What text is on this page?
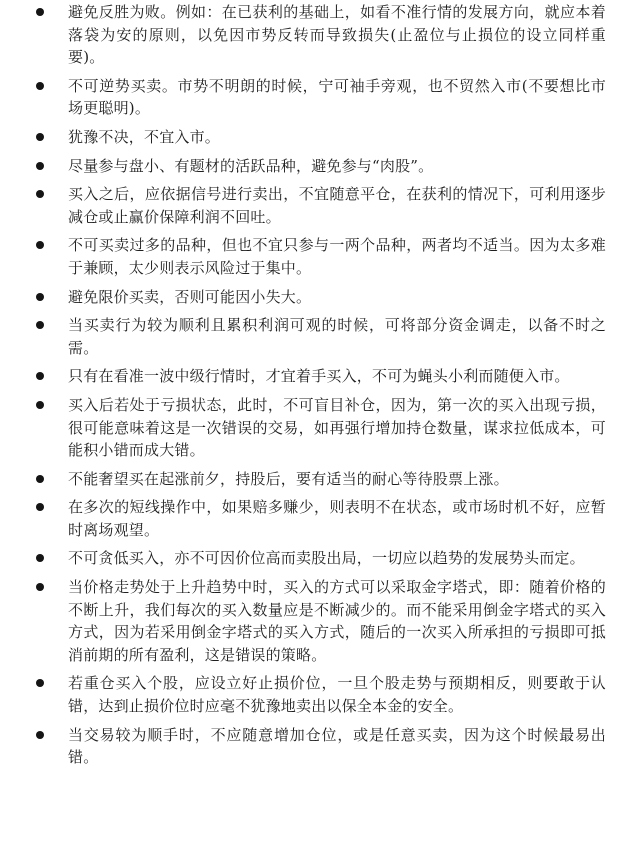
避免反胜为败。例如：在已获利的基础上，如看不准行情的发展方向，就应本着落袋为安的原则，以免因市势反转而导致损失(止盈位与止损位的设立同样重要)。
不可逆势买卖。市势不明朗的时候，宁可袖手旁观，也不贸然入市(不要想比市场更聪明)。
犹豫不决，不宜入市。
尽量参与盘小、有题材的活跃品种，避免参与“肉股”。
买入之后，应依据信号进行卖出，不宜随意平仓，在获利的情况下，可利用逐步减仓或止赢价保障利润不回吐。
不可买卖过多的品种，但也不宜只参与一两个品种，两者均不适当。因为太多难于兼顾，太少则表示风险过于集中。
避免限价买卖，否则可能因小失大。
当买卖行为较为顺利且累积利润可观的时候，可将部分资金调走，以备不时之需。
只有在看准一波中级行情时，才宜着手买入，不可为蝇头小利而随便入市。
买入后若处于亏损状态，此时，不可盲目补仓，因为，第一次的买入出现亏损，很可能意味着这是一次错误的交易，如再强行增加持仓数量，谋求拉低成本，可能积小错而成大错。
不能奢望买在起涨前夕，持股后，要有适当的耐心等待股票上涨。
在多次的短线操作中，如果赔多赚少，则表明不在状态，或市场时机不好，应暂时离场观望。
不可贪低买入，亦不可因价位高而卖股出局，一切应以趋势的发展势头而定。
当价格走势处于上升趋势中时，买入的方式可以采取金字塔式，即：随着价格的不断上升，我们每次的买入数量应是不断减少的。而不能采用倒金字塔式的买入方式，因为若采用倒金字塔式的买入方式，随后的一次买入所承担的亏损即可抵消前期的所有盈利，这是错误的策略。
若重仓买入个股，应设立好止损价位，一旦个股走势与预期相反，则要敢于认错，达到止损价位时应毫不犹豫地卖出以保全本金的安全。
当交易较为顺手时，不应随意增加仓位，或是任意买卖，因为这个时候最易出错。
